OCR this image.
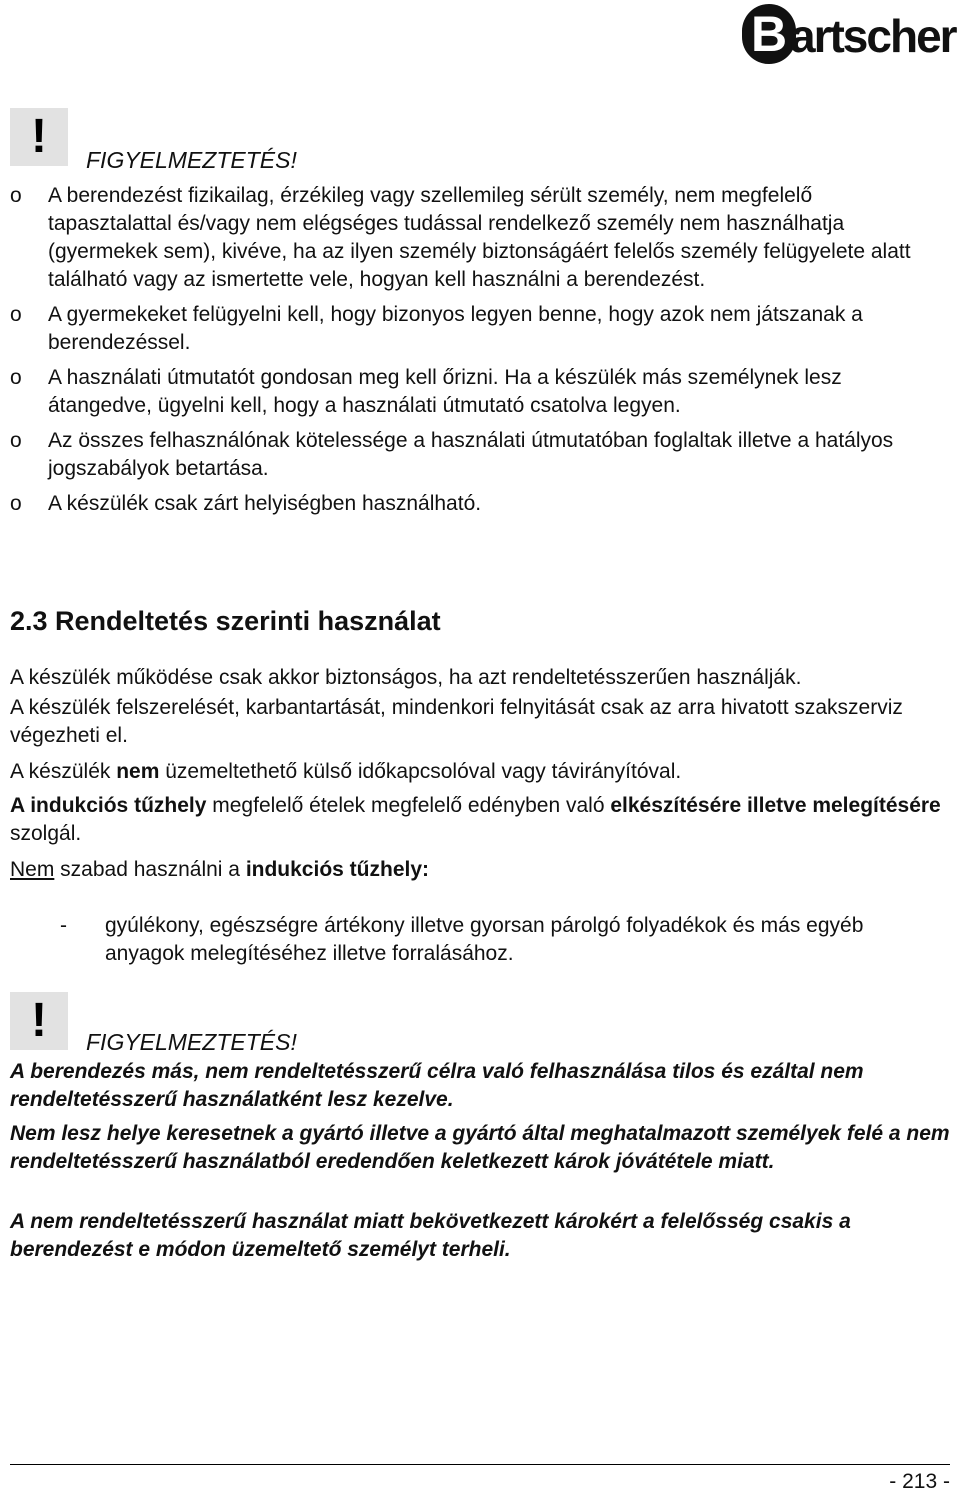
B artscher
!	FIGYELMEZTETÉS!
o A berendezést fizikailag, érzékileg vagy szellemileg sérült személy, nem megfelelő tapasztalattal és/vagy nem elégséges tudással rendelkező személy nem használhatja (gyermekek sem), kivéve, ha az ilyen személy biztonságáért felelős személy felügyelete alatt található vagy az ismertette vele, hogyan kell használni a berendezést.
o A gyermekeket felügyelni kell, hogy bizonyos legyen benne, hogy azok nem játszanak a berendezéssel.
o A használati útmutatót gondosan meg kell őrizni. Ha a készülék más személynek lesz átangedve, ügyelni kell, hogy a használati útmutató csatolva legyen.
o Az összes felhasználónak kötelessége a használati útmutatóban foglaltak illetve a hatályos jogszabályok betartása.
o A készülék csak zárt helyiségben használható.
2.3 Rendeltetés szerinti használat
A készülék működése csak akkor biztonságos, ha azt rendeltetésszerűen használják.
A készülék felszerelését, karbantartását, mindenkori felnyitását csak az arra hivatott szakszerviz végezheti el.
A készülék nem üzemeltethető külső időkapcsolóval vagy távirányítóval.
A indukciós tűzhely megfelelő ételek megfelelő edényben való elkészítésére illetve melegítésére szolgál.
Nem szabad használni a indukciós tűzhely:
-	gyúlékony, egészségre ártékony illetve gyorsan párolgó folyadékok és más egyéb anyagok melegítéséhez illetve forralásához.
!	FIGYELMEZTETÉS!
A berendezés más, nem rendeltetésszerű célra való felhasználása tilos és ezáltal nem rendeltetésszerű használatként lesz kezelve.
Nem lesz helye keresetnek a gyártó illetve a gyártó által meghatalmazott személyek felé a nem rendeltetésszerű használatból eredendően keletkezett károk jóvátétele miatt.
A nem rendeltetésszerű használat miatt bekövetkezett károkért a felelősség csakis a berendezést e módon üzemeltető személyt terheli.
- 213 -
